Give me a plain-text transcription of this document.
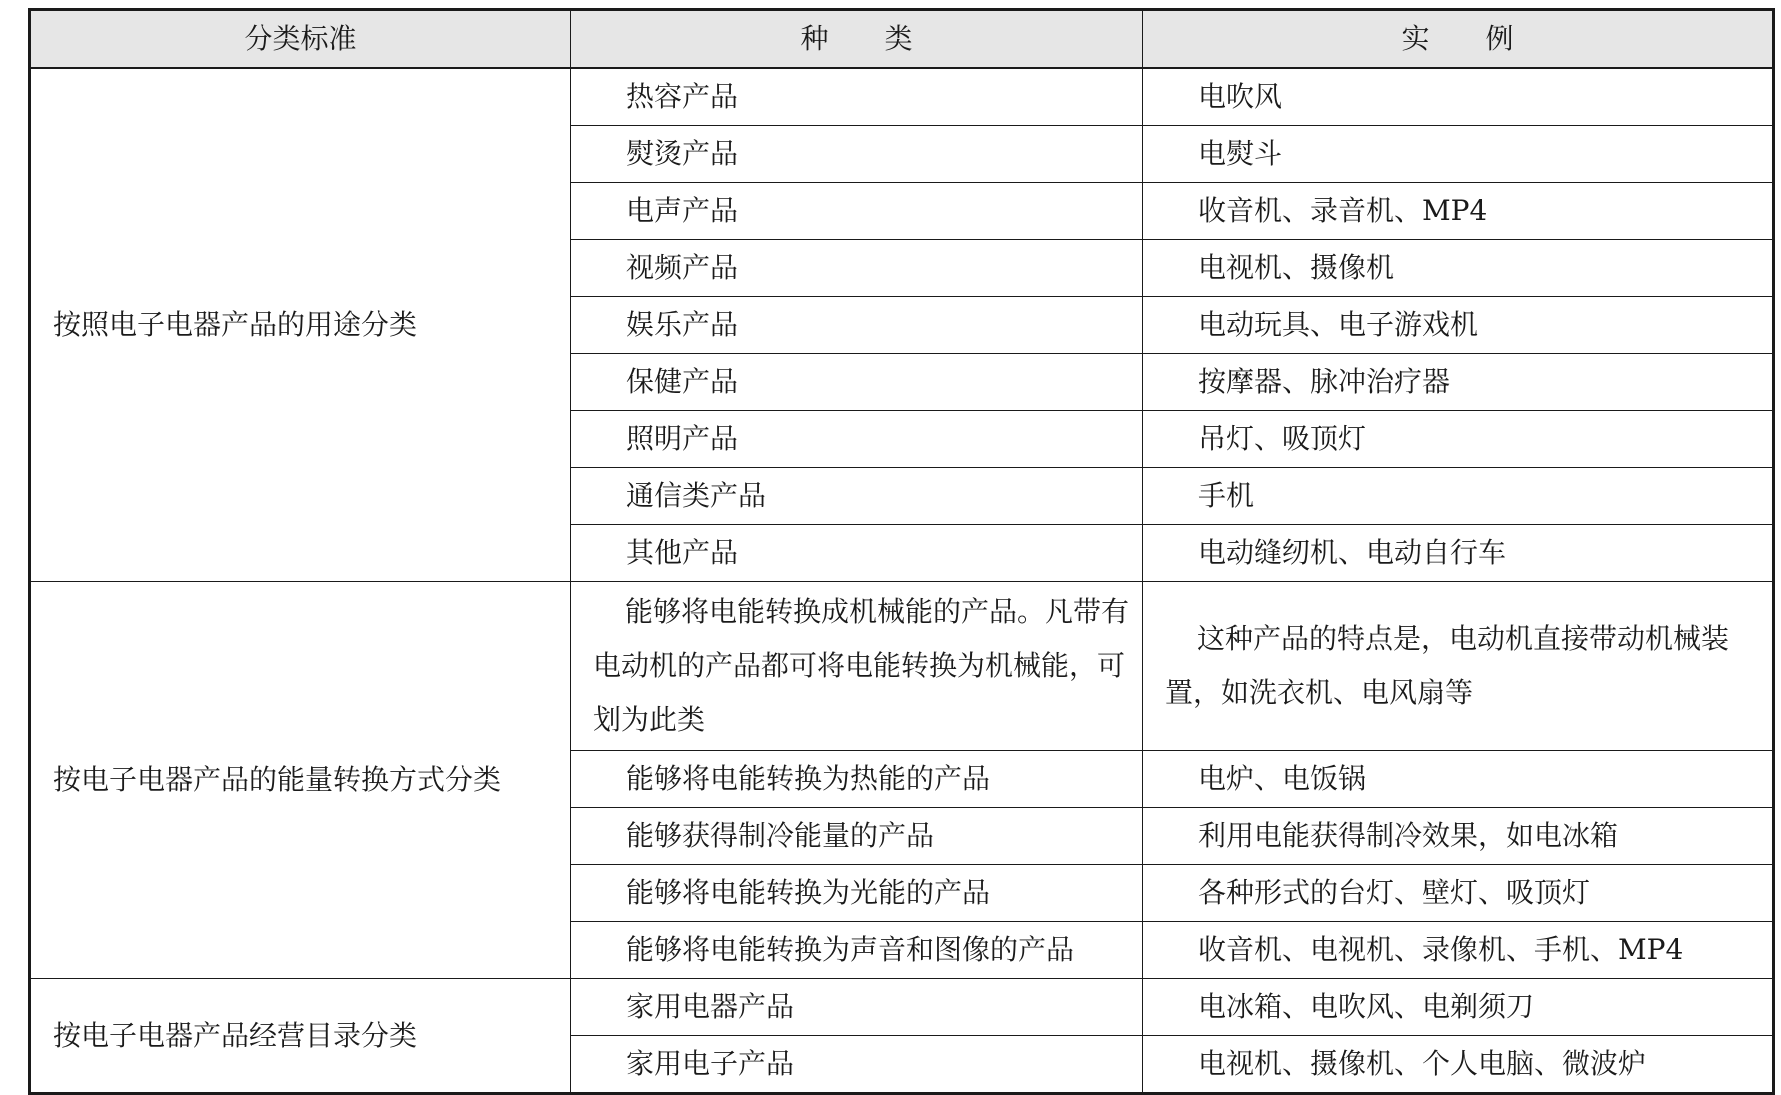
分类标准	种　　类	实　　例
按照电子电器产品的用途分类	热容产品	电吹风
	熨烫产品	电熨斗
	电声产品	收音机、录音机、MP4
	视频产品	电视机、摄像机
	娱乐产品	电动玩具、电子游戏机
	保健产品	按摩器、脉冲治疗器
	照明产品	吊灯、吸顶灯
	通信类产品	手机
	其他产品	电动缝纫机、电动自行车
按电子电器产品的能量转换方式分类	能够将电能转换成机械能的产品。凡带有电动机的产品都可将电能转换为机械能，可划为此类	这种产品的特点是，电动机直接带动机械装置，如洗衣机、电风扇等
	能够将电能转换为热能的产品	电炉、电饭锅
	能够获得制冷能量的产品	利用电能获得制冷效果，如电冰箱
	能够将电能转换为光能的产品	各种形式的台灯、壁灯、吸顶灯
	能够将电能转换为声音和图像的产品	收音机、电视机、录像机、手机、MP4
按电子电器产品经营目录分类	家用电器产品	电冰箱、电吹风、电剃须刀
	家用电子产品	电视机、摄像机、个人电脑、微波炉
